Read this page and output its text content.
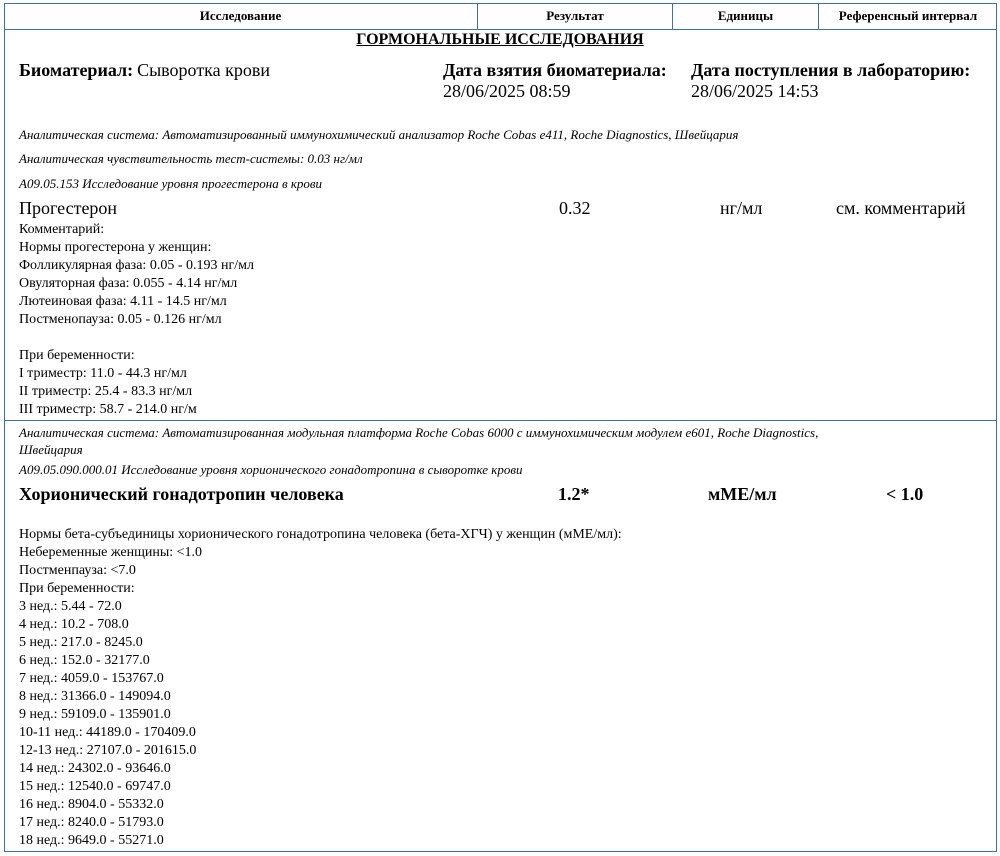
Исследование	Результат	Единицы	Референсный интервал
ГОРМОНАЛЬНЫЕ ИССЛЕДОВАНИЯ
Биоматериал: Сыворотка крови	Дата взятия биоматериала:
28/06/2025 08:59
Дата поступления в лабораторию:
28/06/2025 14:53
Аналитическая система: Автоматизированный иммунохимический анализатор Roche Cobas e411, Roche Diagnostics, Швейцария
Аналитическая чувствительность тест-системы: 0.03 нг/мл
A09.05.153 Исследование уровня прогестерона в крови
Прогестерон	0.32	нг/мл	см. комментарий
Комментарий:
Нормы прогестерона у женщин:
Фолликулярная фаза: 0.05 - 0.193 нг/мл
Овуляторная фаза: 0.055 - 4.14 нг/мл
Лютеиновая фаза: 4.11 - 14.5 нг/мл
Постменопауза: 0.05 - 0.126 нг/мл
При беременности:
I триместр: 11.0 - 44.3 нг/мл
II триместр: 25.4 - 83.3 нг/мл
III триместр: 58.7 - 214.0 нг/м
Аналитическая система: Автоматизированная модульная платформа Roche Cobas 6000 с иммунохимическим модулем e601, Roche Diagnostics,
Швейцария
A09.05.090.000.01 Исследование уровня хорионического гонадотропина в сыворотке крови
Хорионический гонадотропин человека	1.2*	мМЕ/мл	< 1.0
Нормы бета-субъединицы хорионического гонадотропина человека (бета-ХГЧ) у женщин (мМЕ/мл):
Небеременные женщины: <1.0
Постменпауза: <7.0
При беременности:
3 нед.: 5.44 - 72.0
4 нед.: 10.2 - 708.0
5 нед.: 217.0 - 8245.0
6 нед.: 152.0 - 32177.0
7 нед.: 4059.0 - 153767.0
8 нед.: 31366.0 - 149094.0
9 нед.: 59109.0 - 135901.0
10-11 нед.: 44189.0 - 170409.0
12-13 нед.: 27107.0 - 201615.0
14 нед.: 24302.0 - 93646.0
15 нед.: 12540.0 - 69747.0
16 нед.: 8904.0 - 55332.0
17 нед.: 8240.0 - 51793.0
18 нед.: 9649.0 - 55271.0
